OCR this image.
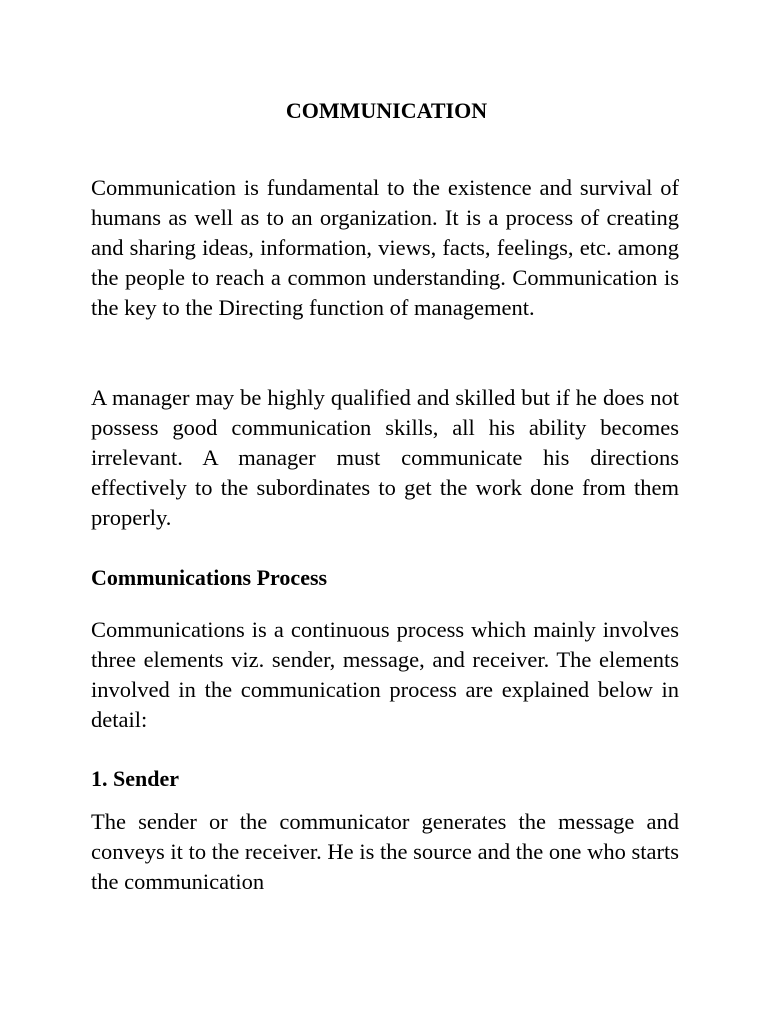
COMMUNICATION

Communication is fundamental to the existence and survival of humans as well as to an organization. It is a process of creating and sharing ideas, information, views, facts, feelings, etc. among the people to reach a common understanding. Communication is the key to the Directing function of management.

A manager may be highly qualified and skilled but if he does not possess good communication skills, all his ability becomes irrelevant. A manager must communicate his directions effectively to the subordinates to get the work done from them properly.

Communications Process

Communications is a continuous process which mainly involves three elements viz. sender, message, and receiver. The elements involved in the communication process are explained below in detail:

1. Sender

The sender or the communicator generates the message and conveys it to the receiver. He is the source and the one who starts the communication
